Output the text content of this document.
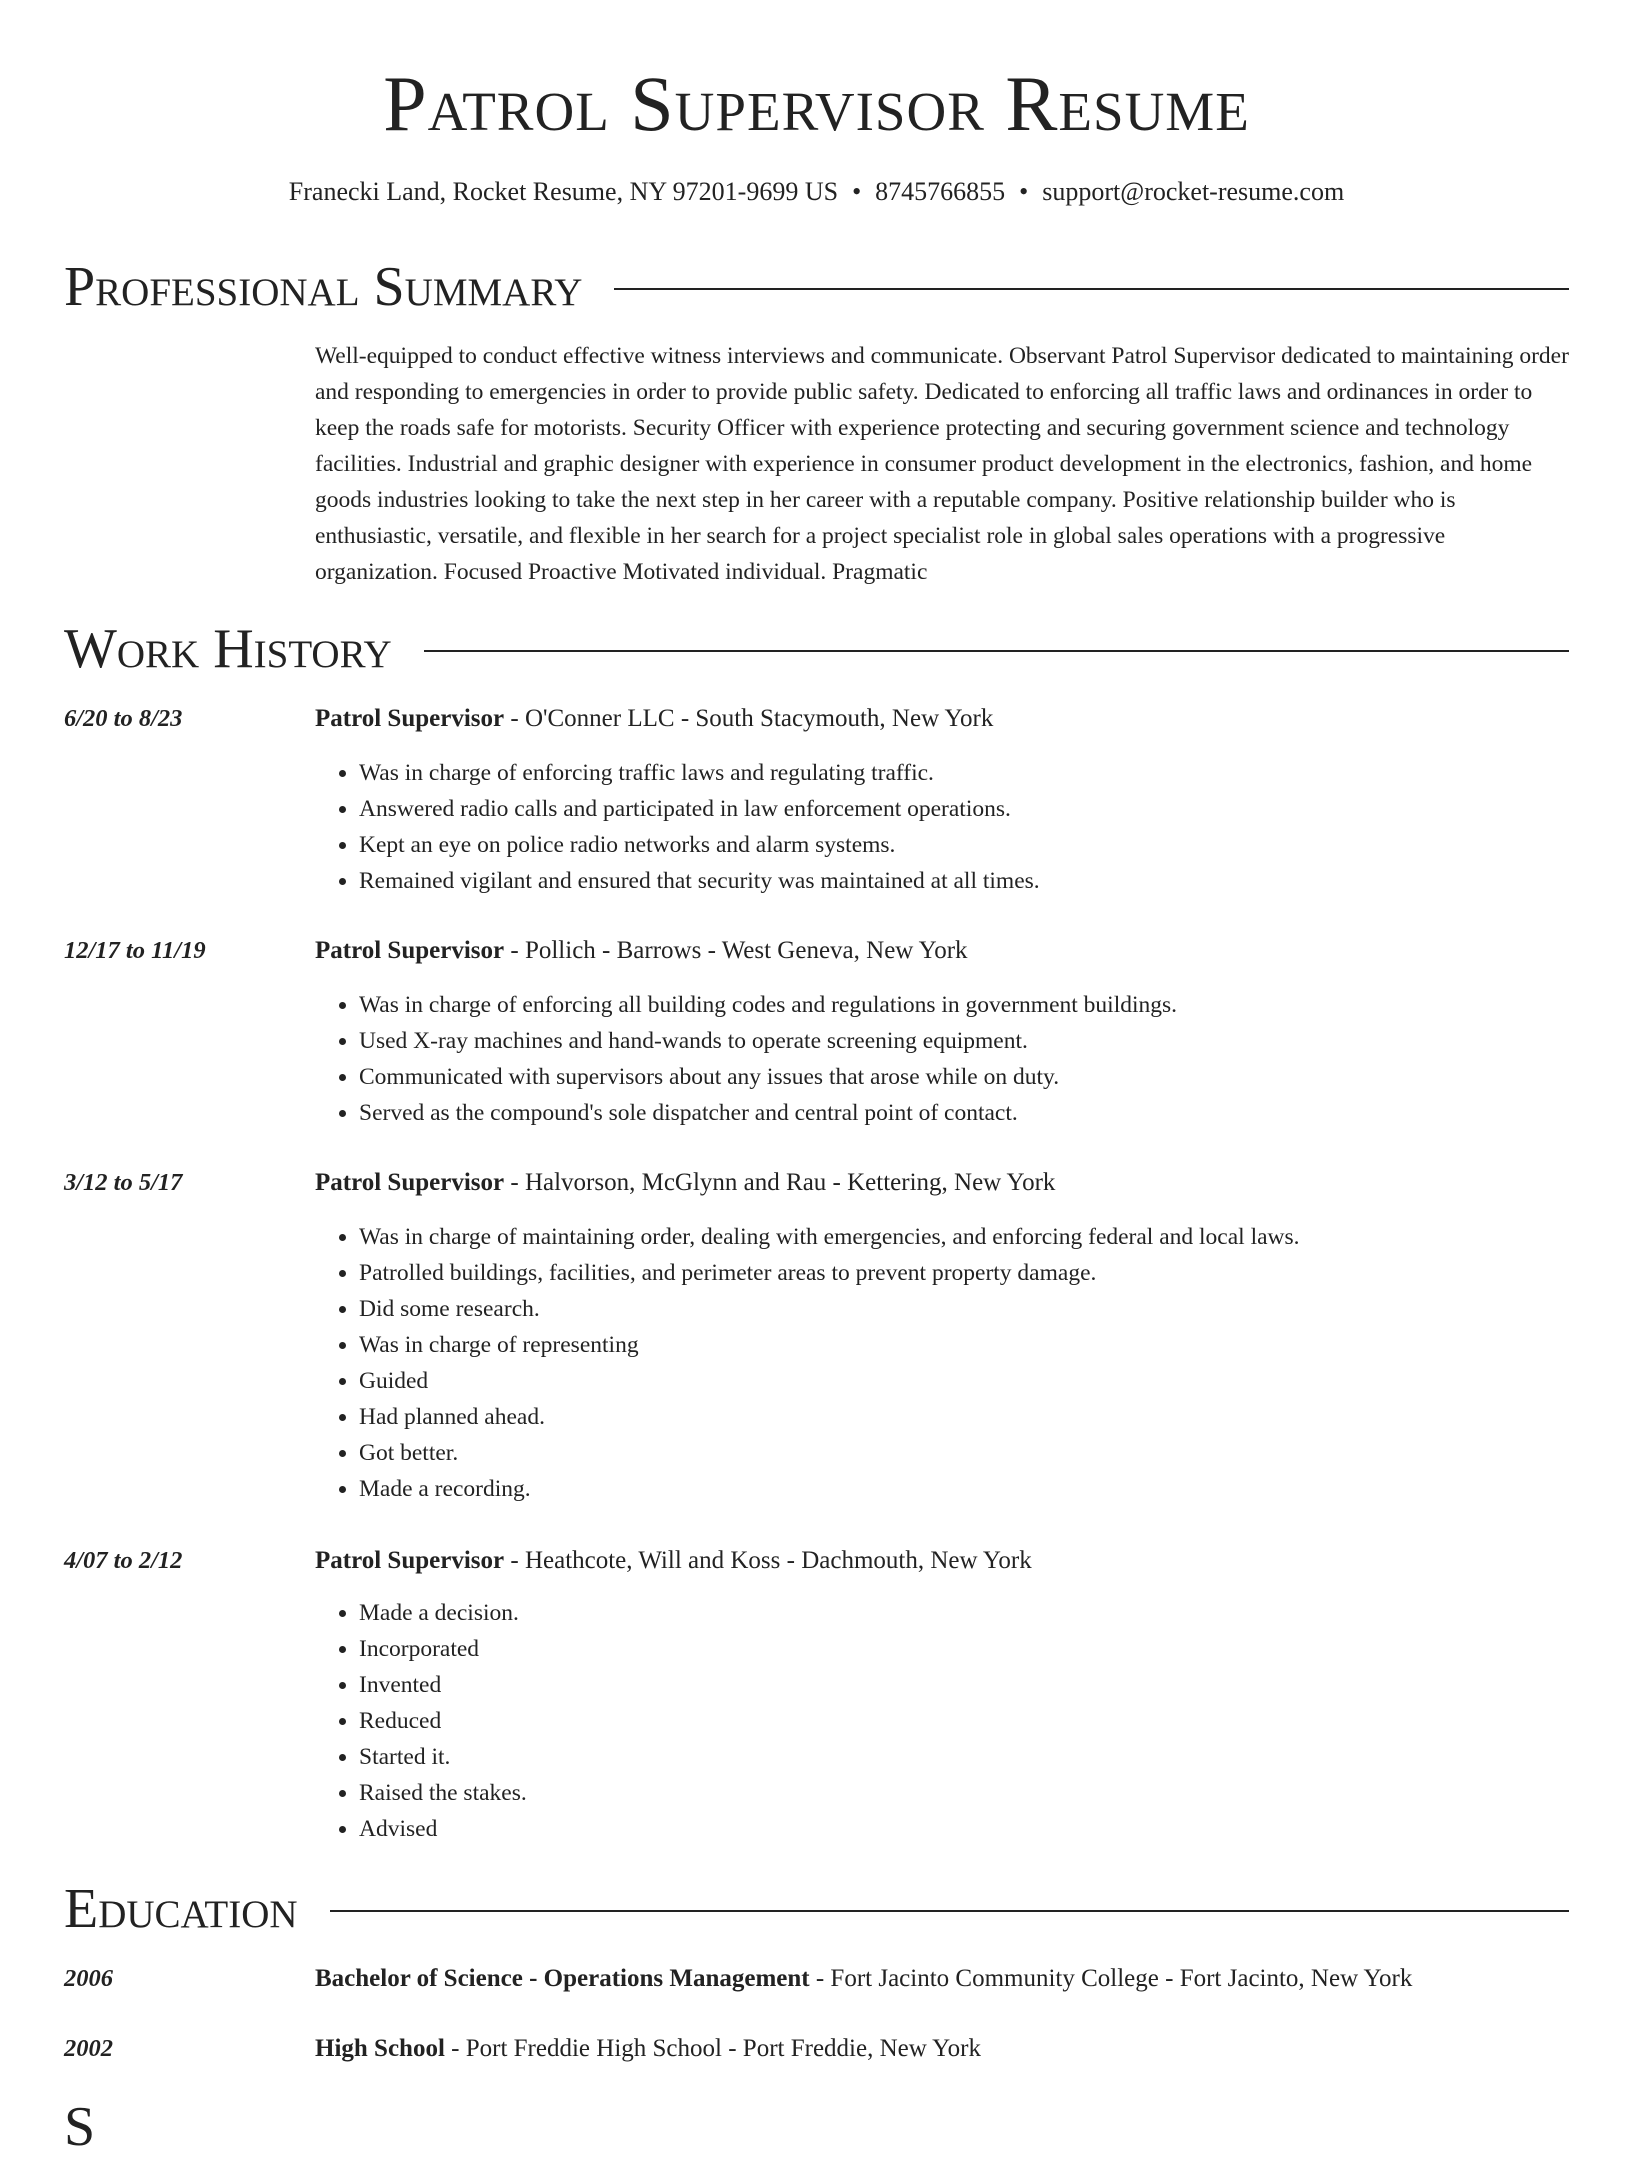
Patrol Supervisor Resume
Franecki Land, Rocket Resume, NY 97201-9699 US • 8745766855 • support@rocket-resume.com
Professional Summary
Well-equipped to conduct effective witness interviews and communicate. Observant Patrol Supervisor dedicated to maintaining order and responding to emergencies in order to provide public safety. Dedicated to enforcing all traffic laws and ordinances in order to keep the roads safe for motorists. Security Officer with experience protecting and securing government science and technology facilities. Industrial and graphic designer with experience in consumer product development in the electronics, fashion, and home goods industries looking to take the next step in her career with a reputable company. Positive relationship builder who is enthusiastic, versatile, and flexible in her search for a project specialist role in global sales operations with a progressive organization. Focused Proactive Motivated individual. Pragmatic
Work History
6/20 to 8/23	Patrol Supervisor - O'Conner LLC - South Stacymouth, New York
• Was in charge of enforcing traffic laws and regulating traffic.
• Answered radio calls and participated in law enforcement operations.
• Kept an eye on police radio networks and alarm systems.
• Remained vigilant and ensured that security was maintained at all times.
12/17 to 11/19	Patrol Supervisor - Pollich - Barrows - West Geneva, New York
• Was in charge of enforcing all building codes and regulations in government buildings.
• Used X-ray machines and hand-wands to operate screening equipment.
• Communicated with supervisors about any issues that arose while on duty.
• Served as the compound's sole dispatcher and central point of contact.
3/12 to 5/17	Patrol Supervisor - Halvorson, McGlynn and Rau - Kettering, New York
• Was in charge of maintaining order, dealing with emergencies, and enforcing federal and local laws.
• Patrolled buildings, facilities, and perimeter areas to prevent property damage.
• Did some research.
• Was in charge of representing
• Guided
• Had planned ahead.
• Got better.
• Made a recording.
4/07 to 2/12	Patrol Supervisor - Heathcote, Will and Koss - Dachmouth, New York
• Made a decision.
• Incorporated
• Invented
• Reduced
• Started it.
• Raised the stakes.
• Advised
Education
2006	Bachelor of Science - Operations Management - Fort Jacinto Community College - Fort Jacinto, New York
2002	High School - Port Freddie High School - Port Freddie, New York
S
